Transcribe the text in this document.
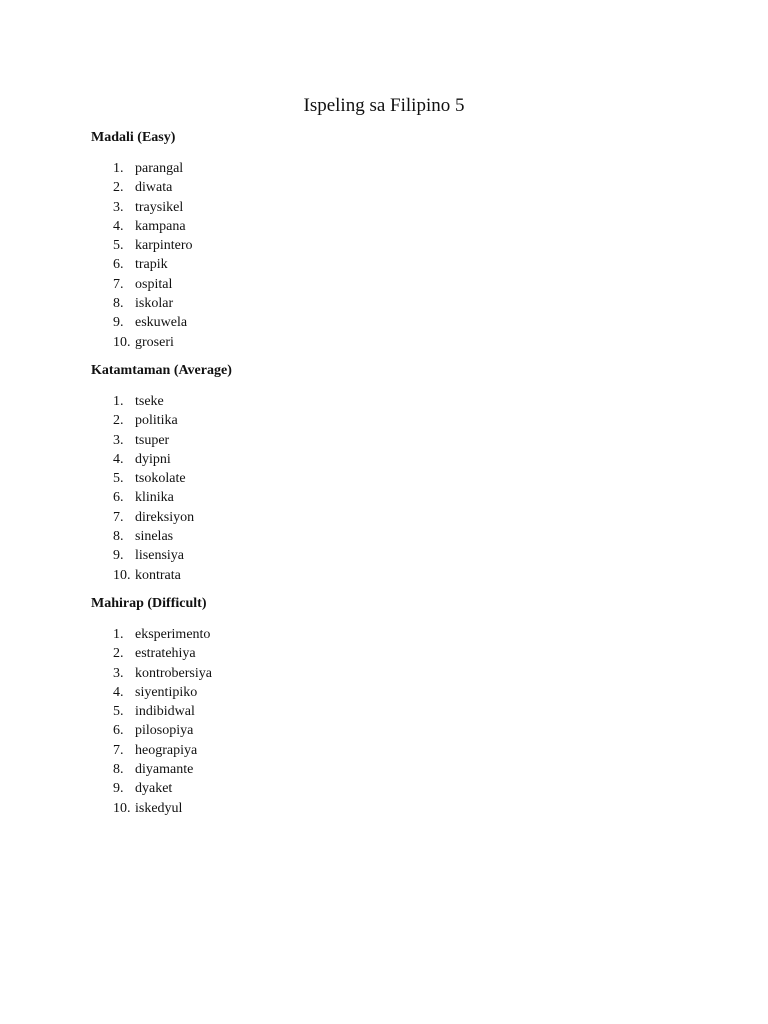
Ispeling sa Filipino 5
Madali (Easy)
1. parangal
2. diwata
3. traysikel
4. kampana
5. karpintero
6. trapik
7. ospital
8. iskolar
9. eskuwela
10. groseri
Katamtaman (Average)
1. tseke
2. politika
3. tsuper
4. dyipni
5. tsokolate
6. klinika
7. direksiyon
8. sinelas
9. lisensiya
10. kontrata
Mahirap (Difficult)
1. eksperimento
2. estratehiya
3. kontrobersiya
4. siyentipiko
5. indibidwal
6. pilosopiya
7. heograpiya
8. diyamante
9. dyaket
10. iskedyul
